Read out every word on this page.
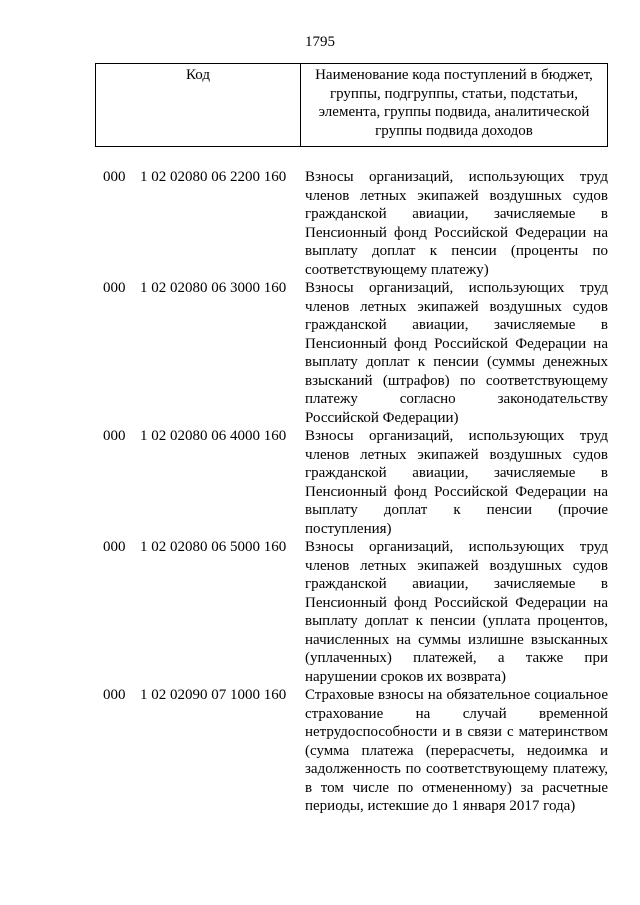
1795
Код	Наименование кода поступлений в бюджет, группы, подгруппы, статьи, подстатьи, элемента, группы подвида, аналитической группы подвида доходов
000 1 02 02080 06 2200 160	Взносы организаций, использующих труд членов летных экипажей воздушных судов гражданской авиации, зачисляемые в Пенсионный фонд Российской Федерации на выплату доплат к пенсии (проценты по соответствующему платежу)
000 1 02 02080 06 3000 160	Взносы организаций, использующих труд членов летных экипажей воздушных судов гражданской авиации, зачисляемые в Пенсионный фонд Российской Федерации на выплату доплат к пенсии (суммы денежных взысканий (штрафов) по соответствующему платежу согласно законодательству Российской Федерации)
000 1 02 02080 06 4000 160	Взносы организаций, использующих труд членов летных экипажей воздушных судов гражданской авиации, зачисляемые в Пенсионный фонд Российской Федерации на выплату доплат к пенсии (прочие поступления)
000 1 02 02080 06 5000 160	Взносы организаций, использующих труд членов летных экипажей воздушных судов гражданской авиации, зачисляемые в Пенсионный фонд Российской Федерации на выплату доплат к пенсии (уплата процентов, начисленных на суммы излишне взысканных (уплаченных) платежей, а также при нарушении сроков их возврата)
000 1 02 02090 07 1000 160	Страховые взносы на обязательное социальное страхование на случай временной нетрудоспособности и в связи с материнством (сумма платежа (перерасчеты, недоимка и задолженность по соответствующему платежу, в том числе по отмененному) за расчетные периоды, истекшие до 1 января 2017 года)
